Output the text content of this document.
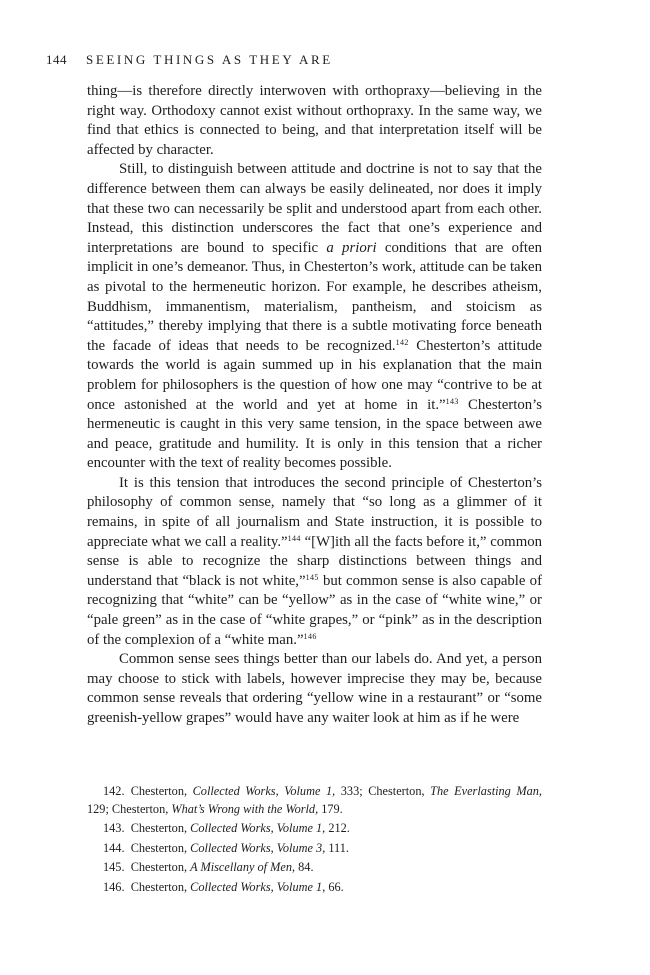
144 SEEING THINGS AS THEY ARE

thing—is therefore directly interwoven with orthopraxy—believing in the right way. Orthodoxy cannot exist without orthopraxy. In the same way, we find that ethics is connected to being, and that interpretation itself will be affected by character.

Still, to distinguish between attitude and doctrine is not to say that the difference between them can always be easily delineated, nor does it imply that these two can necessarily be split and understood apart from each other. Instead, this distinction underscores the fact that one’s experience and interpretations are bound to specific a priori conditions that are often implicit in one’s demeanor. Thus, in Chesterton’s work, attitude can be taken as pivotal to the hermeneutic horizon. For example, he describes atheism, Buddhism, immanentism, materialism, pantheism, and stoicism as “attitudes,” thereby implying that there is a subtle motivating force beneath the facade of ideas that needs to be recognized.$^{142}$ Chesterton’s attitude towards the world is again summed up in his explanation that the main problem for philosophers is the question of how one may “contrive to be at once astonished at the world and yet at home in it.”$^{143}$ Chesterton’s hermeneutic is caught in this very same tension, in the space between awe and peace, gratitude and humility. It is only in this tension that a richer encounter with the text of reality becomes possible.

It is this tension that introduces the second principle of Chesterton’s philosophy of common sense, namely that “so long as a glimmer of it remains, in spite of all journalism and State instruction, it is possible to appreciate what we call a reality.”$^{144}$ “[W]ith all the facts before it,” common sense is able to recognize the sharp distinctions between things and understand that “black is not white,”$^{145}$ but common sense is also capable of recognizing that “white” can be “yellow” as in the case of “white wine,” or “pale green” as in the case of “white grapes,” or “pink” as in the description of the complexion of a “white man.”$^{146}$

Common sense sees things better than our labels do. And yet, a person may choose to stick with labels, however imprecise they may be, because common sense reveals that ordering “yellow wine in a restaurant” or “some greenish-yellow grapes” would have any waiter look at him as if he were

142.  Chesterton, Collected Works, Volume 1, 333; Chesterton, The Everlasting Man, 129; Chesterton, What’s Wrong with the World, 179.
143.  Chesterton, Collected Works, Volume 1, 212.
144.  Chesterton, Collected Works, Volume 3, 111.
145.  Chesterton, A Miscellany of Men, 84.
146.  Chesterton, Collected Works, Volume 1, 66.
